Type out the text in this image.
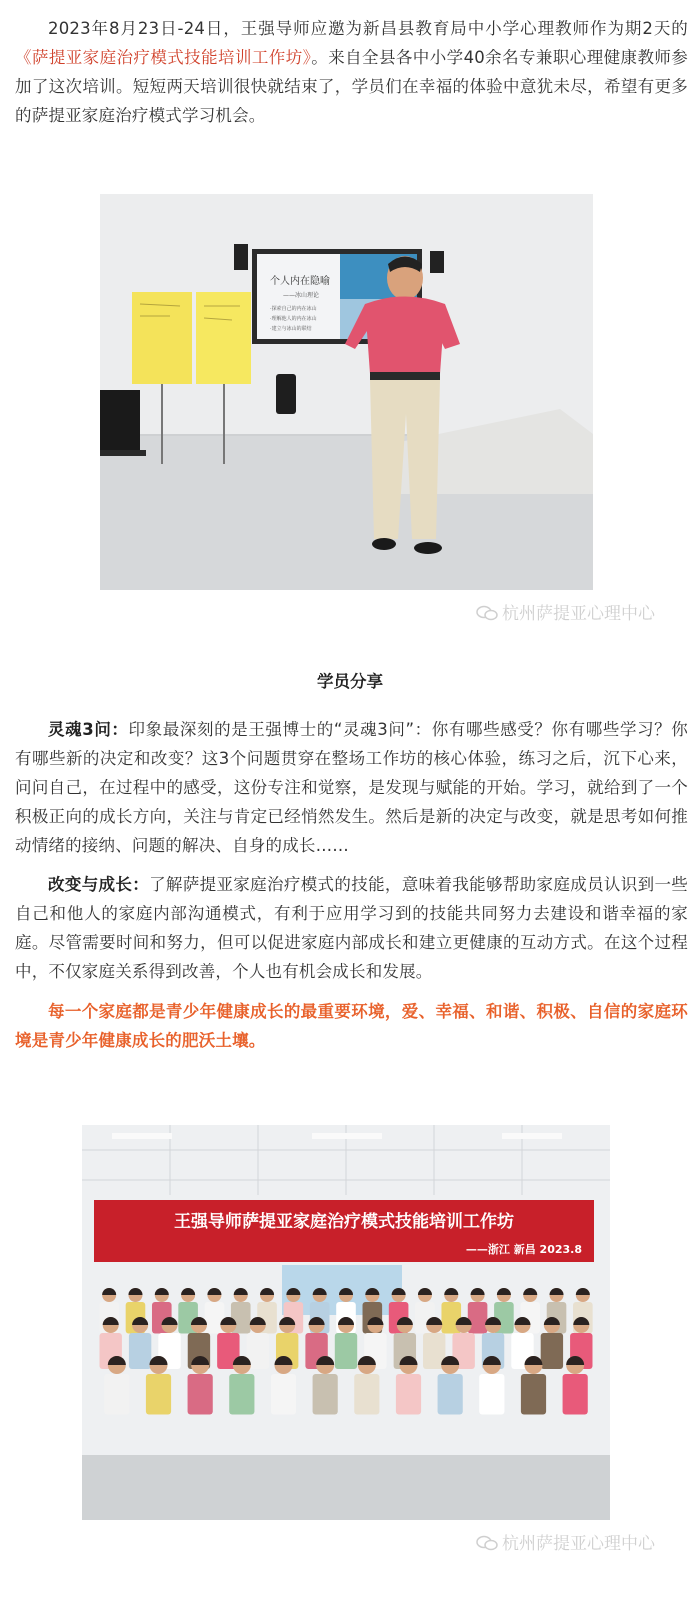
2023年8月23日-24日，王强导师应邀为新昌县教育局中小学心理教师作为期2天的《萨提亚家庭治疗模式技能培训工作坊》。来自全县各中小学40余名专兼职心理健康教师参加了这次培训。短短两天培训很快就结束了，学员们在幸福的体验中意犹未尽，希望有更多的萨提亚家庭治疗模式学习机会。

个人内在隐喻
——冰山理论
·探索自己的内在冰山
·理解他人的内在冰山
·建立与冰山的联结
杭州萨提亚心理中心
学员分享

灵魂3问：印象最深刻的是王强博士的“灵魂3问”：你有哪些感受？你有哪些学习？你有哪些新的决定和改变？这3个问题贯穿在整场工作坊的核心体验，练习之后，沉下心来，问问自己，在过程中的感受，这份专注和觉察，是发现与赋能的开始。学习，就给到了一个积极正向的成长方向，关注与肯定已经悄然发生。然后是新的决定与改变，就是思考如何推动情绪的接纳、问题的解决、自身的成长……

改变与成长：了解萨提亚家庭治疗模式的技能，意味着我能够帮助家庭成员认识到一些自己和他人的家庭内部沟通模式，有利于应用学习到的技能共同努力去建设和谐幸福的家庭。尽管需要时间和努力，但可以促进家庭内部成长和建立更健康的互动方式。在这个过程中，不仅家庭关系得到改善，个人也有机会成长和发展。

每一个家庭都是青少年健康成长的最重要环境，爱、幸福、和谐、积极、自信的家庭环境是青少年健康成长的肥沃土壤。

王强导师萨提亚家庭治疗模式技能培训工作坊
——浙江 新昌 2023.8
杭州萨提亚心理中心
